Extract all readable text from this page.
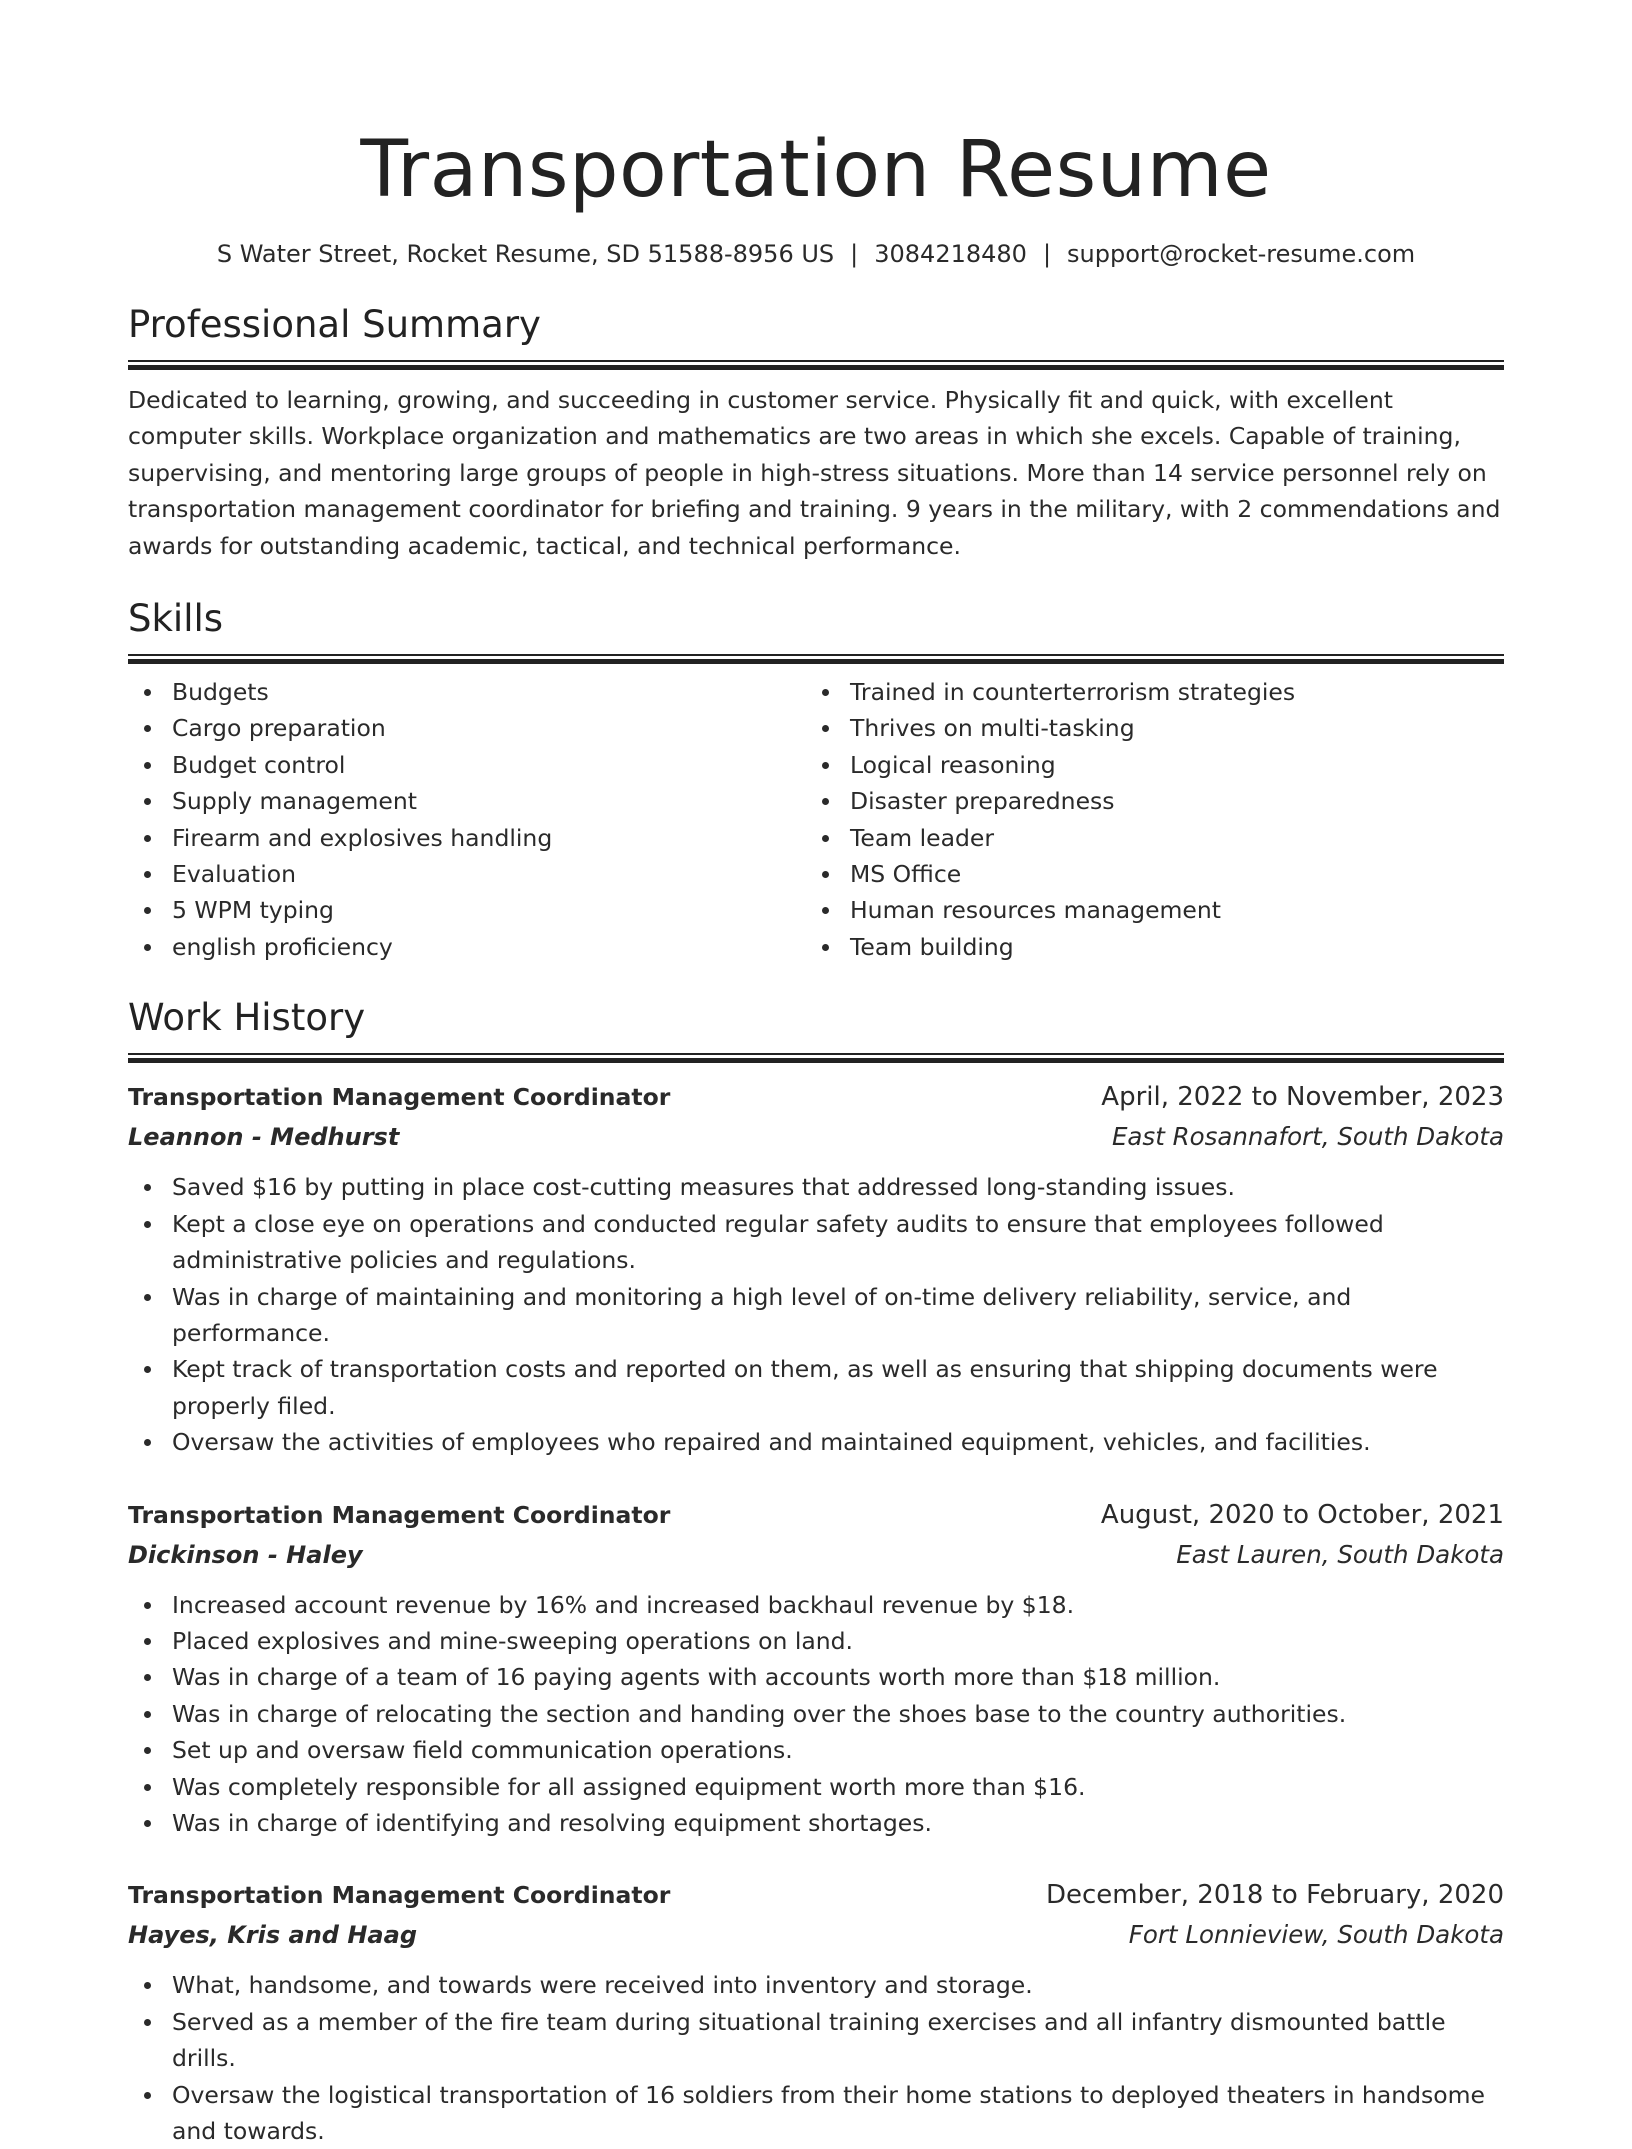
Transportation Resume
S Water Street, Rocket Resume, SD 51588-8956 US | 3084218480 | support@rocket-resume.com
Professional Summary

Dedicated to learning, growing, and succeeding in customer service. Physically fit and quick, with excellent computer skills. Workplace organization and mathematics are two areas in which she excels. Capable of training, supervising, and mentoring large groups of people in high-stress situations. More than 14 service personnel rely on transportation management coordinator for briefing and training. 9 years in the military, with 2 commendations and awards for outstanding academic, tactical, and technical performance.

Skills
Budgets
Cargo preparation
Budget control
Supply management
Firearm and explosives handling
Evaluation
5 WPM typing
english proficiency
Trained in counterterrorism strategies
Thrives on multi-tasking
Logical reasoning
Disaster preparedness
Team leader
MS Office
Human resources management
Team building
Work History
Transportation Management Coordinator	April, 2022 to November, 2023
Leannon - Medhurst	East Rosannafort, South Dakota
Saved $16 by putting in place cost-cutting measures that addressed long-standing issues.
Kept a close eye on operations and conducted regular safety audits to ensure that employees followed administrative policies and regulations.
Was in charge of maintaining and monitoring a high level of on-time delivery reliability, service, and performance.
Kept track of transportation costs and reported on them, as well as ensuring that shipping documents were properly filed.
Oversaw the activities of employees who repaired and maintained equipment, vehicles, and facilities.
Transportation Management Coordinator	August, 2020 to October, 2021
Dickinson - Haley	East Lauren, South Dakota
Increased account revenue by 16% and increased backhaul revenue by $18.
Placed explosives and mine-sweeping operations on land.
Was in charge of a team of 16 paying agents with accounts worth more than $18 million.
Was in charge of relocating the section and handing over the shoes base to the country authorities.
Set up and oversaw field communication operations.
Was completely responsible for all assigned equipment worth more than $16.
Was in charge of identifying and resolving equipment shortages.
Transportation Management Coordinator	December, 2018 to February, 2020
Hayes, Kris and Haag	Fort Lonnieview, South Dakota
What, handsome, and towards were received into inventory and storage.
Served as a member of the fire team during situational training exercises and all infantry dismounted battle drills.
Oversaw the logistical transportation of 16 soldiers from their home stations to deployed theaters in handsome and towards.
